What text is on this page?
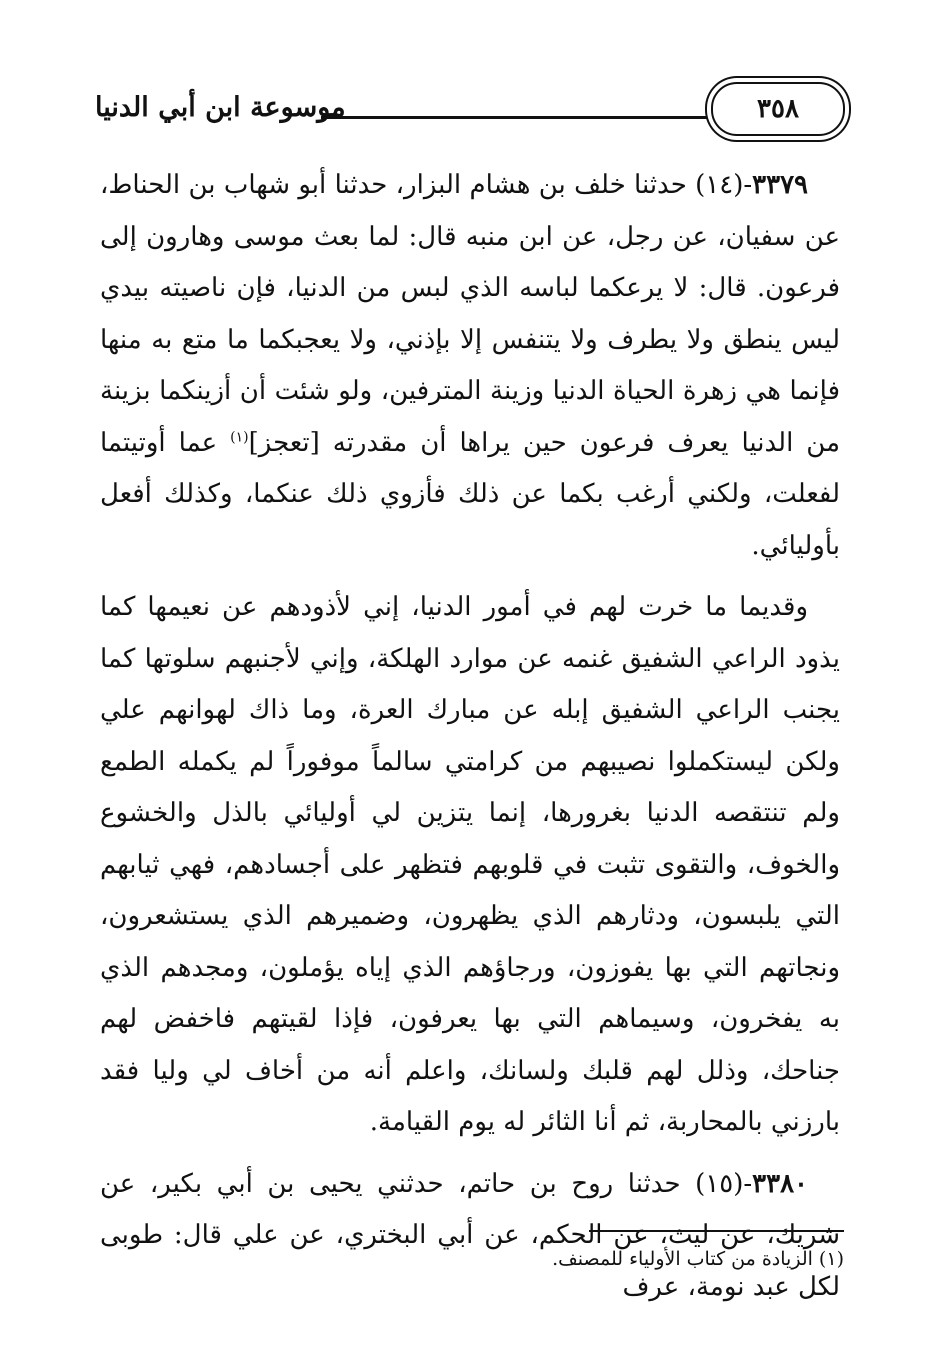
٣٥٨
موسوعة ابن أبي الدنيا

٣٣٧٩-(١٤) حدثنا خلف بن هشام البزار، حدثنا أبو شهاب بن الحناط، عن سفيان، عن رجل، عن ابن منبه قال: لما بعث موسى وهارون إلى فرعون. قال: لا يرعكما لباسه الذي لبس من الدنيا، فإن ناصيته بيدي ليس ينطق ولا يطرف ولا يتنفس إلا بإذني، ولا يعجبكما ما متع به منها فإنما هي زهرة الحياة الدنيا وزينة المترفين، ولو شئت أن أزينكما بزينة من الدنيا يعرف فرعون حين يراها أن مقدرته [تعجز]$^{(١)}$ عما أوتيتما لفعلت، ولكني أرغب بكما عن ذلك فأزوي ذلك عنكما، وكذلك أفعل بأوليائي.

وقديما ما خرت لهم في أمور الدنيا، إني لأذودهم عن نعيمها كما يذود الراعي الشفيق غنمه عن موارد الهلكة، وإني لأجنبهم سلوتها كما يجنب الراعي الشفيق إبله عن مبارك العرة، وما ذاك لهوانهم علي ولكن ليستكملوا نصيبهم من كرامتي سالماً موفوراً لم يكمله الطمع ولم تنتقصه الدنيا بغرورها، إنما يتزين لي أوليائي بالذل والخشوع والخوف، والتقوى تثبت في قلوبهم فتظهر على أجسادهم، فهي ثيابهم التي يلبسون، ودثارهم الذي يظهرون، وضميرهم الذي يستشعرون، ونجاتهم التي بها يفوزون، ورجاؤهم الذي إياه يؤملون، ومجدهم الذي به يفخرون، وسيماهم التي بها يعرفون، فإذا لقيتهم فاخفض لهم جناحك، وذلل لهم قلبك ولسانك، واعلم أنه من أخاف لي وليا فقد بارزني بالمحاربة، ثم أنا الثائر له يوم القيامة.

٣٣٨٠-(١٥) حدثنا روح بن حاتم، حدثني يحيى بن أبي بكير، عن شريك، عن ليث، عن الحكم، عن أبي البختري، عن علي قال: طوبى لكل عبد نومة، عرف

(١) الزيادة من كتاب الأولياء للمصنف.
